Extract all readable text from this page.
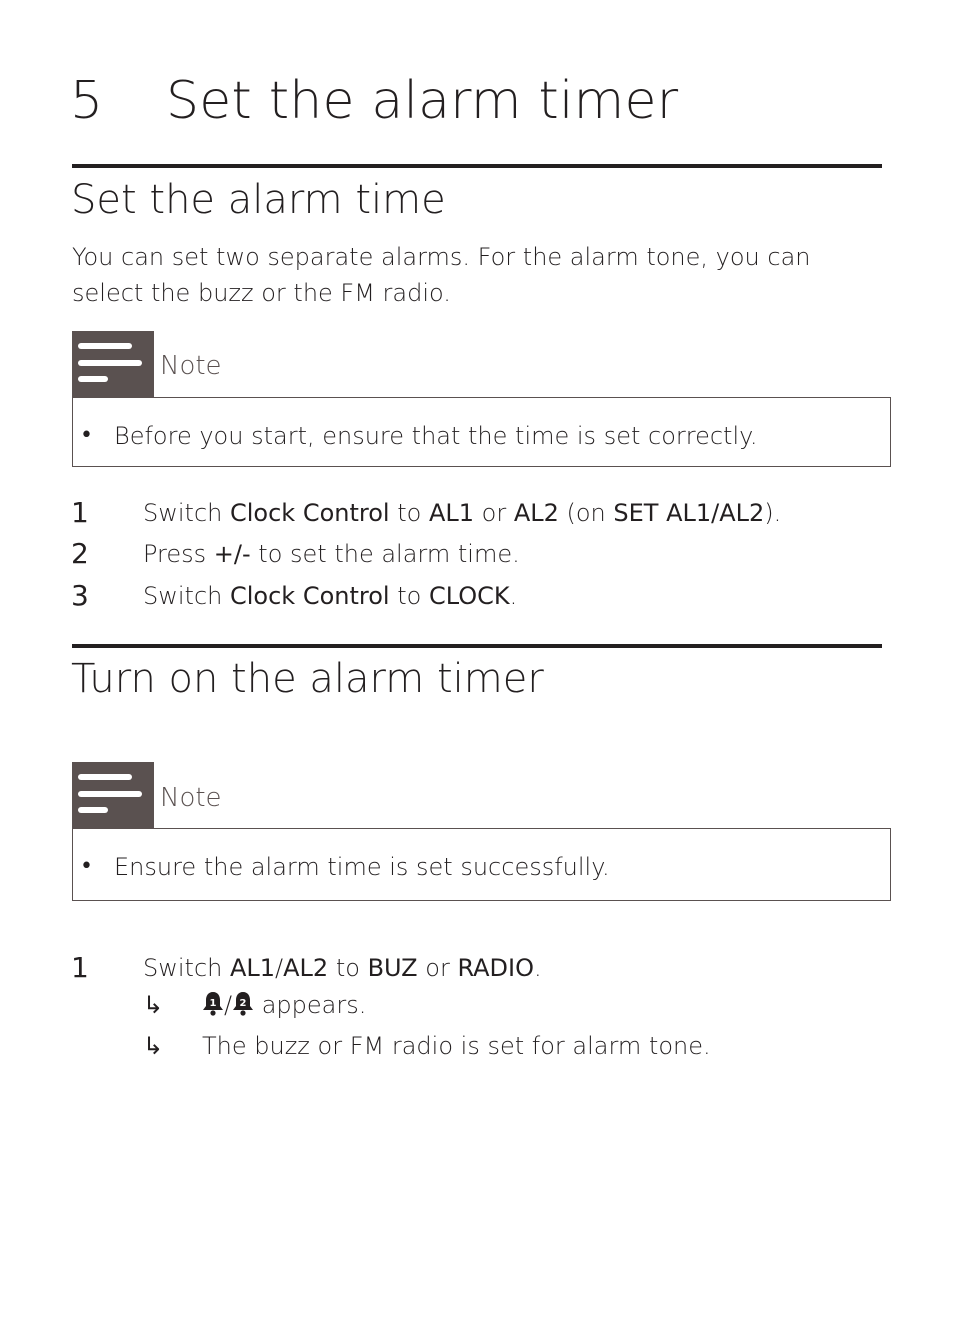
5 Set the alarm timer
Set the alarm time
You can set two separate alarms. For the alarm tone, you can select the buzz or the FM radio.
Note
• Before you start, ensure that the time is set correctly.
1 Switch Clock Control to AL1 or AL2 (on SET AL1/AL2).
2 Press +/- to set the alarm time.
3 Switch Clock Control to CLOCK.
Turn on the alarm timer
Note
• Ensure the alarm time is set successfully.
1 Switch AL1/AL2 to BUZ or RADIO.
↳	1 / 2 appears.
↳ The buzz or FM radio is set for alarm tone.
